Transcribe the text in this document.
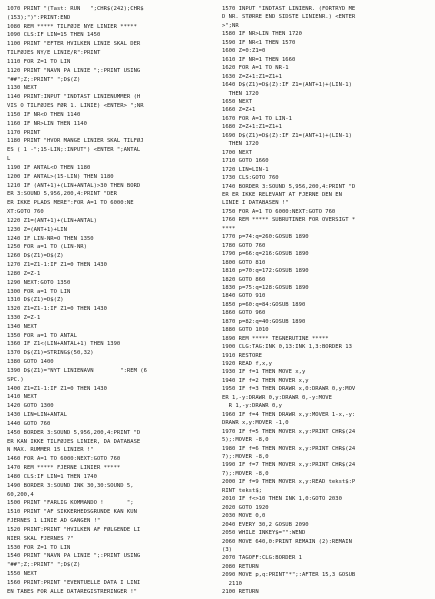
1070 PRINT "(Tast: RUN   ";CHR$(242);CHR$
(153);")":PRINT:END
1080 REM ***** TILFØJE NYE LINIER *****
1090 CLS:IF LIN=15 THEN 1450
1100 PRINT "EFTER HVILKEN LINIE SKAL DER
TILFØJES NY/E LINIE/R":PRINT
1110 FOR Z=1 TO LIN
1120 PRINT "NAVN PA LINIE ";:PRINT USING
"##";Z;:PRINT" ";D$(Z)
1130 NEXT
1140 PRINT:INPUT "INDTAST LINIENUMMER (H
VIS O TILFØJES FØR 1. LINIE) <ENTER> ";NR
1150 IF NR<O THEN 1140
1160 IF NR>LIN THEN 1140
1170 PRINT
1180 PRINT "HVOR MANGE LINIER SKAL TILFØJ
ES ( 1 -";15-LIN;:INPUT") <ENTER ";ANTAL
L
1190 IF ANTAL<O THEN 1180
1200 IF ANTAL>(15-LIN) THEN 1180
1210 IF (ANT+1)+(LIN+ANTAL)>30 THEN BORD
ER 3:SOUND 5,956,200,4:PRINT "DER
ER IKKE PLADS MERE":FOR A=1 TO 6000:NE
XT:GOTO 760
1220 Z1=(ANT+1)+(LIN+ANTAL)
1230 Z=(ANT+1)+LIN
1240 IF LIN-NR=O THEN 1350
1250 FOR a=1 TO (LIN-NR)
1260 D$(Z1)=D$(Z)
1270 Z1=Z1-1:IF Z1=0 THEN 1430
1280 Z=Z-1
1290 NEXT:GOTO 1350
1300 FOR a=1 TO LIN
1310 D$(Z1)=D$(Z)
1320 Z1=Z1-1:IF Z1=0 THEN 1430
1330 Z=Z-1
1340 NEXT
1350 FOR a=1 TO ANTAL
1360 IF Z1<(LIN+ANTAL+1) THEN 1390
1370 D$(Z1)=STRING$(50,32)
1380 GOTO 1400
1390 D$(Z1)="NYT LINIENAVN        ":REM (6
SPC.)
1400 Z1=Z1-1:IF Z1=0 THEN 1430
1410 NEXT
1420 GOTO 1300
1430 LIN=LIN+ANTAL
1440 GOTO 760
1450 BORDER 3:SOUND 5,956,200,4:PRINT "D
ER KAN IKKE TILFØJES LINIER, DA DATABASE
N MAX. RUMMER 15 LINIER !"
1460 FOR A=1 TO 6000:NEXT:GOTO 760
1470 REM ***** FJERNE LINIER *****
1480 CLS:IF LIN=1 THEN 1740
1490 BORDER 3:SOUND INK 30,30:SOUND 5,
60,200,4
1500 PRINT "FARLIG KOMMANDO !       ";
1510 PRINT "AF SIKKERHEDSGRUNDE KAN KUN
FJERNES 1 LINIE AD GANGEN !"
1520 PRINT:PRINT "HVILKEN AF FØLGENDE LI
NIER SKAL FJERNES ?"
1530 FOR Z=1 TO LIN
1540 PRINT "NAVN PA LINIE ";:PRINT USING
"##";Z;:PRINT" ";D$(Z)
1550 NEXT
1560 PRINT:PRINT "EVENTUELLE DATA I LINI
EN TABES FOR ALLE DATAREGISTRERINGER !"
1570 INPUT "INDTAST LINIENR. (FORTRYD ME
D NR. STØRRE END SIDSTE LINIENR.) <ENTER
>";NR
1580 IF NR>LIN THEN 1720
1590 IF NR<1 THEN 1570
1600 Z=0:Z1=0
1610 IF NR=1 THEN 1660
1620 FOR A=1 TO NR-1
1630 Z=Z+1:Z1=Z1+1
1640 D$(Z1)=D$(Z):IF Z1=(ANT+1)+(LIN-1)
THEN 1720
1650 NEXT
1660 Z=Z+1
1670 FOR A=1 TO LIN-1
1680 Z=Z+1:Z1=Z1+1
1690 D$(Z1)=D$(Z):IF Z1=(ANT+1)+(LIN-1)
THEN 1720
1700 NEXT
1710 GOTO 1660
1720 LIN=LIN-1
1730 CLS:GOTO 760
1740 BORDER 3:SOUND 5,956,200,4:PRINT "D
ER ER IKKE RELEVANT AT FJERNE DEN EN
LINIE I DATABASEN !"
1750 FOR A=1 TO 6000:NEXT:GOTO 760
1760 REM ***** SUBRUTINER FOR OVERSIGT *
****
1770 p=74:q=260:GOSUB 1890
1780 GOTO 760
1790 p=66:q=216:GOSUB 1890
1800 GOTO 810
1810 p=70:q=172:GOSUB 1890
1820 GOTO 860
1830 p=75:q=128:GOSUB 1890
1840 GOTO 910
1850 p=60:q=84:GOSUB 1890
1860 GOTO 960
1870 p=82:q=40:GOSUB 1890
1880 GOTO 1010
1890 REM ***** TEGNERUTINE *****
1900 CLG:TAG:INK 0,13:INK 1,3:BORDER 13
1910 RESTORE
1920 READ f,x,y
1930 IF f=1 THEN MOVE x,y
1940 IF f=2 THEN MOVER x,y
1950 IF f=3 THEN DRAWR x,0:DRAWR 0,y:MOV
ER 1,-y:DRAWR 0,y:DRAWR 0,-y:MOVE
R 1,-y:DRAWR 0,y
1960 IF f=4 THEN DRAWR x,y:MOVER 1-x,-y:
DRAWR x,y:MOVER -1,0
1970 IF f=5 THEN MOVER x,y:PRINT CHR$(24
5);:MOVER -8,0
1980 IF f=6 THEN MOVER x,y:PRINT CHR$(24
7);:MOVER -8,0
1990 IF f=7 THEN MOVER x,y:PRINT CHR$(24
7);:MOVER -8,0
2000 IF f=9 THEN MOVER x,y:READ tekst$:P
RINT tekst$;
2010 IF f<>10 THEN INK 1,0:GOTO 2030
2020 GOTO 1920
2030 MOVE 0,0
2040 EVERY 30,2 GOSUB 2090
2050 WHILE INKEY$="":WEND
2060 MOVE 640,0:PRINT REMAIN (2):REMAIN
(3)
2070 TAGOFF:CLG:BORDER 1
2080 RETURN
2090 MOVE p,q:PRINT"*";:AFTER 15,3 GOSUB
2110
2100 RETURN
